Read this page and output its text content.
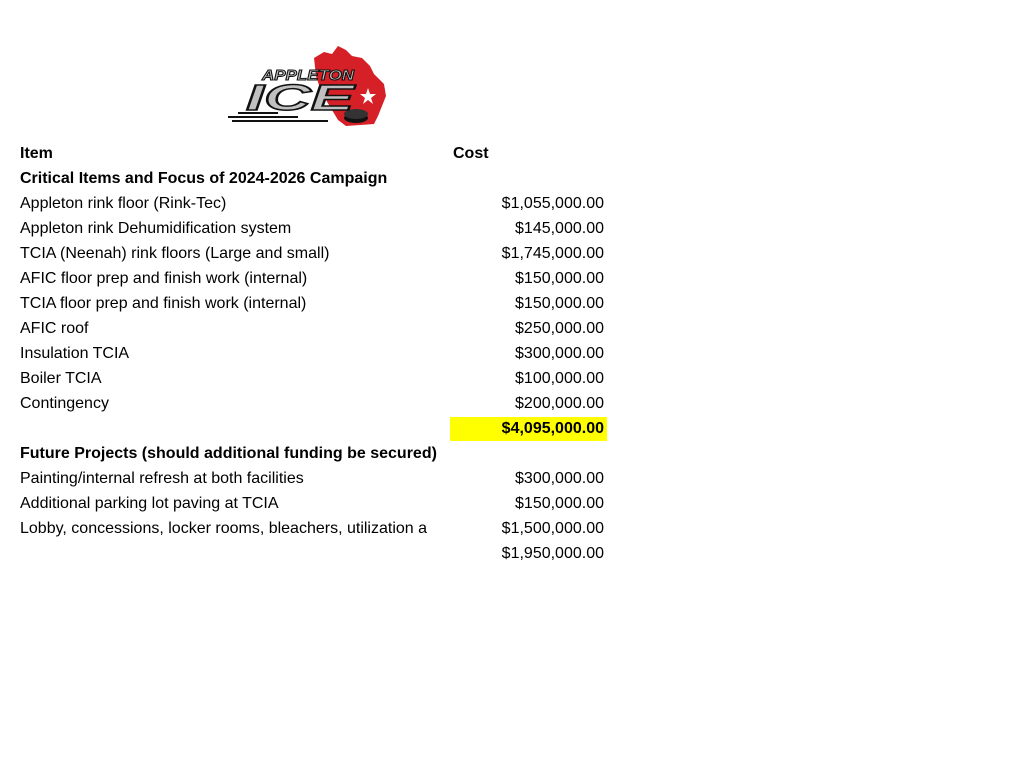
APPLETON
ICE
Item	Cost
Critical Items and Focus of 2024-2026 Campaign
Appleton rink floor (Rink-Tec)	$1,055,000.00
Appleton rink Dehumidification system	$145,000.00
TCIA (Neenah) rink floors (Large and small)	$1,745,000.00
AFIC floor prep and finish work (internal)	$150,000.00
TCIA floor prep and finish work (internal)	$150,000.00
AFIC roof	$250,000.00
Insulation TCIA	$300,000.00
Boiler TCIA	$100,000.00
Contingency	$200,000.00
$4,095,000.00
Future Projects (should additional funding be secured)
Painting/internal refresh at both facilities	$300,000.00
Additional parking lot paving at TCIA	$150,000.00
Lobby, concessions, locker rooms, bleachers, utilization a	$1,500,000.00
$1,950,000.00
